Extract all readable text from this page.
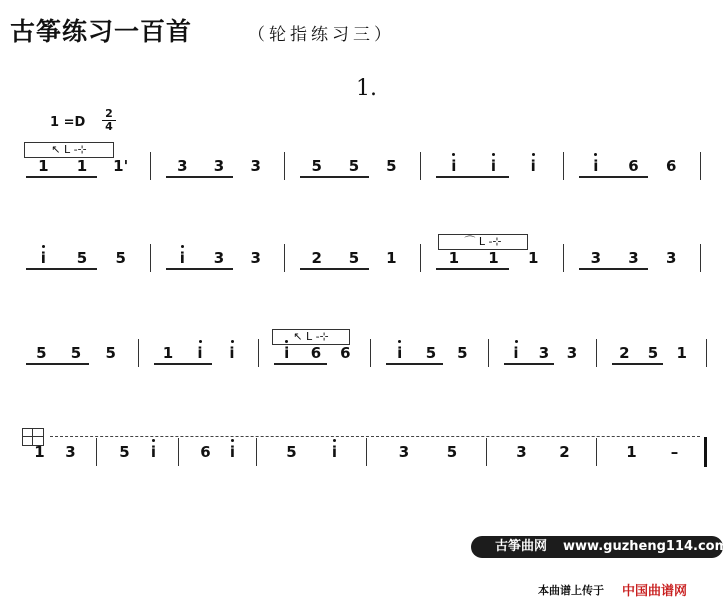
古筝练习一百首	（轮指练习三）
1.
$1 =D \frac{2}{4}$
1 1 1'	3 3 3	5 5 5	i i i	i 6 6
i 5 5	i 3 3	2 5 1	1 1 1	3 3 3
5 5 5	1 i i	i 6 6	i 5 5	i 3 3	2 5 1
1 3	5 i	6 i	5 i	3	5	3 2	1 –
↖ L -⊹
⌒ L -⊹
↖ L -⊹
古筝曲网 www.guzheng114.com
本曲谱上传于 中国曲谱网
